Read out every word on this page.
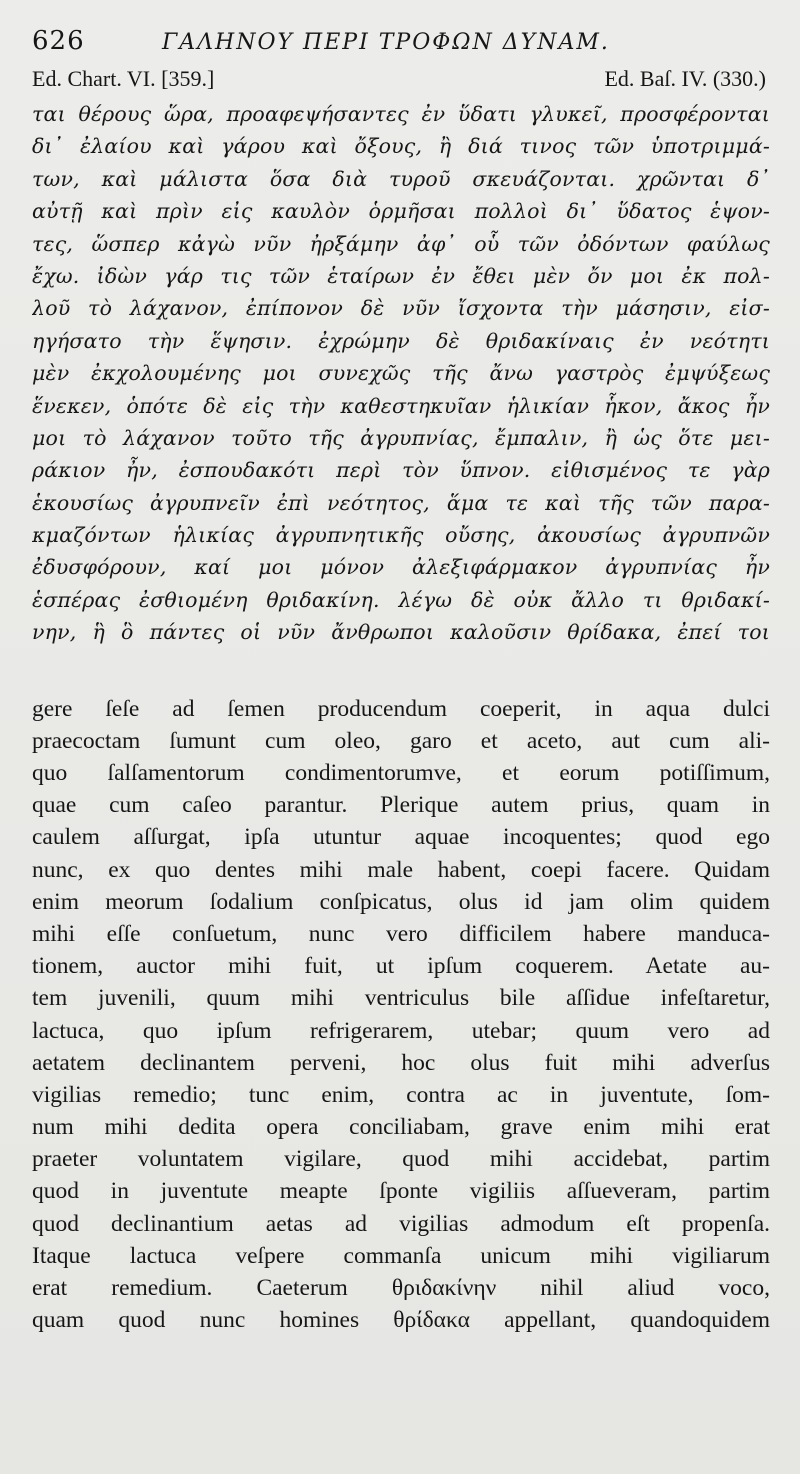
626	ΓΑΛΗΝΟΥ ΠΕΡΙ ΤΡΟΦΩΝ ΔΥΝΑΜ.
Ed. Chart. VI. [359.]	Ed. Baſ. IV. (330.)
ται θέρους ὥρα, προαφεψήσαντες ἐν ὕδατι γλυκεῖ, προσφέρονται
δι᾽ ἐλαίου καὶ γάρου καὶ ὄξους, ἢ διά τινος τῶν ὑποτριμμά-
των, καὶ μάλιστα ὅσα διὰ τυροῦ σκευάζονται. χρῶνται δ᾽
αὐτῇ καὶ πρὶν εἰς καυλὸν ὁρμῆσαι πολλοὶ δι᾽ ὕδατος ἑψον-
τες, ὥσπερ κἀγὼ νῦν ἠρξάμην ἀφ᾽ οὗ τῶν ὀδόντων φαύλως
ἔχω. ἰδὼν γάρ τις τῶν ἑταίρων ἐν ἔθει μὲν ὄν μοι ἐκ πολ-
λοῦ τὸ λάχανον, ἐπίπονον δὲ νῦν ἴσχοντα τὴν μάσησιν, εἰσ-
ηγήσατο τὴν ἕψησιν. ἐχρώμην δὲ θριδακίναις ἐν νεότητι
μὲν ἐκχολουμένης μοι συνεχῶς τῆς ἄνω γαστρὸς ἐμψύξεως
ἕνεκεν, ὁπότε δὲ εἰς τὴν καθεστηκυῖαν ἡλικίαν ἧκον, ἄκος ἦν
μοι τὸ λάχανον τοῦτο τῆς ἀγρυπνίας, ἔμπαλιν, ἢ ὡς ὅτε μει-
ράκιον ἦν, ἐσπουδακότι περὶ τὸν ὕπνον. εἰθισμένος τε γὰρ
ἑκουσίως ἀγρυπνεῖν ἐπὶ νεότητος, ἅμα τε καὶ τῆς τῶν παρα-
κμαζόντων ἡλικίας ἀγρυπνητικῆς οὔσης, ἀκουσίως ἀγρυπνῶν
ἐδυσφόρουν, καί μοι μόνον ἀλεξιφάρμακον ἀγρυπνίας ἦν
ἑσπέρας ἐσθιομένη θριδακίνη. λέγω δὲ οὐκ ἄλλο τι θριδακί-
νην, ἣ ὃ πάντες οἱ νῦν ἄνθρωποι καλοῦσιν θρίδακα, ἐπεί τοι
gere ſeſe ad ſemen producendum coeperit, in aqua dulci
praecoctam ſumunt cum oleo, garo et aceto, aut cum ali-
quo ſalſamentorum condimentorumve, et eorum potiſſimum,
quae cum caſeo parantur. Plerique autem prius, quam in
caulem aſſurgat, ipſa utuntur aquae incoquentes; quod ego
nunc, ex quo dentes mihi male habent, coepi facere. Quidam
enim meorum ſodalium conſpicatus, olus id jam olim quidem
mihi eſſe conſuetum, nunc vero difficilem habere manduca-
tionem, auctor mihi fuit, ut ipſum coquerem. Aetate au-
tem juvenili, quum mihi ventriculus bile aſſidue infeſtaretur,
lactuca, quo ipſum refrigerarem, utebar; quum vero ad
aetatem declinantem perveni, hoc olus fuit mihi adverſus
vigilias remedio; tunc enim, contra ac in juventute, ſom-
num mihi dedita opera conciliabam, grave enim mihi erat
praeter voluntatem vigilare, quod mihi accidebat, partim
quod in juventute meapte ſponte vigiliis aſſueveram, partim
quod declinantium aetas ad vigilias admodum eſt propenſa.
Itaque lactuca veſpere commanſa unicum mihi vigiliarum
erat remedium. Caeterum θριδακίνην nihil aliud voco,
quam quod nunc homines θρίδακα appellant, quandoquidem
